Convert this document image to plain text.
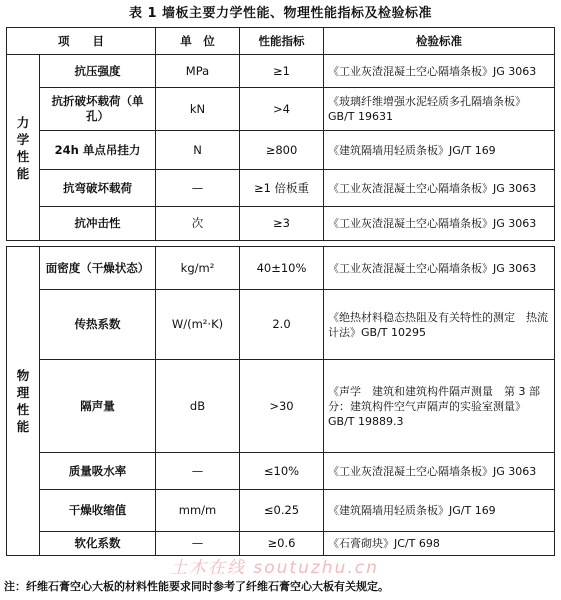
表 1 墙板主要力学性能、物理性能指标及检验标准
项　　目		单　位	性能指标	检验标准

力
学
性
能	抗压强度	MPa	≥1	《工业灰渣混凝土空心隔墙条板》JG 3063
	抗折破坏载荷（单孔）	kN	>4	《玻璃纤维增强水泥轻质多孔隔墙条板》GB/T 19631
	24h 单点吊挂力	N	≥800	《建筑隔墙用轻质条板》JG/T 169
	抗弯破坏载荷	—	≥1 倍板重	《工业灰渣混凝土空心隔墙条板》JG 3063
	抗冲击性	次	≥3	《工业灰渣混凝土空心隔墙条板》JG 3063

物
理
性
能	面密度（干燥状态）	kg/m²	40±10%	《工业灰渣混凝土空心隔墙条板》JG 3063
	传热系数	W/(m²·K)	2.0	《绝热材料稳态热阻及有关特性的测定　热流计法》GB/T 10295
	隔声量	dB	>30	《声学　建筑和建筑构件隔声测量　第 3 部分：建筑构件空气声隔声的实验室测量》GB/T 19889.3
	质量吸水率	—	≤10%	《工业灰渣混凝土空心隔墙条板》JG 3063
	干燥收缩值	mm/m	≤0.25	《建筑隔墙用轻质条板》JG/T 169
	软化系数	—	≥0.6	《石膏砌块》JC/T 698
土木在线 soutuzhu.cn
注：纤维石膏空心大板的材料性能要求同时参考了纤维石膏空心大板有关规定。
